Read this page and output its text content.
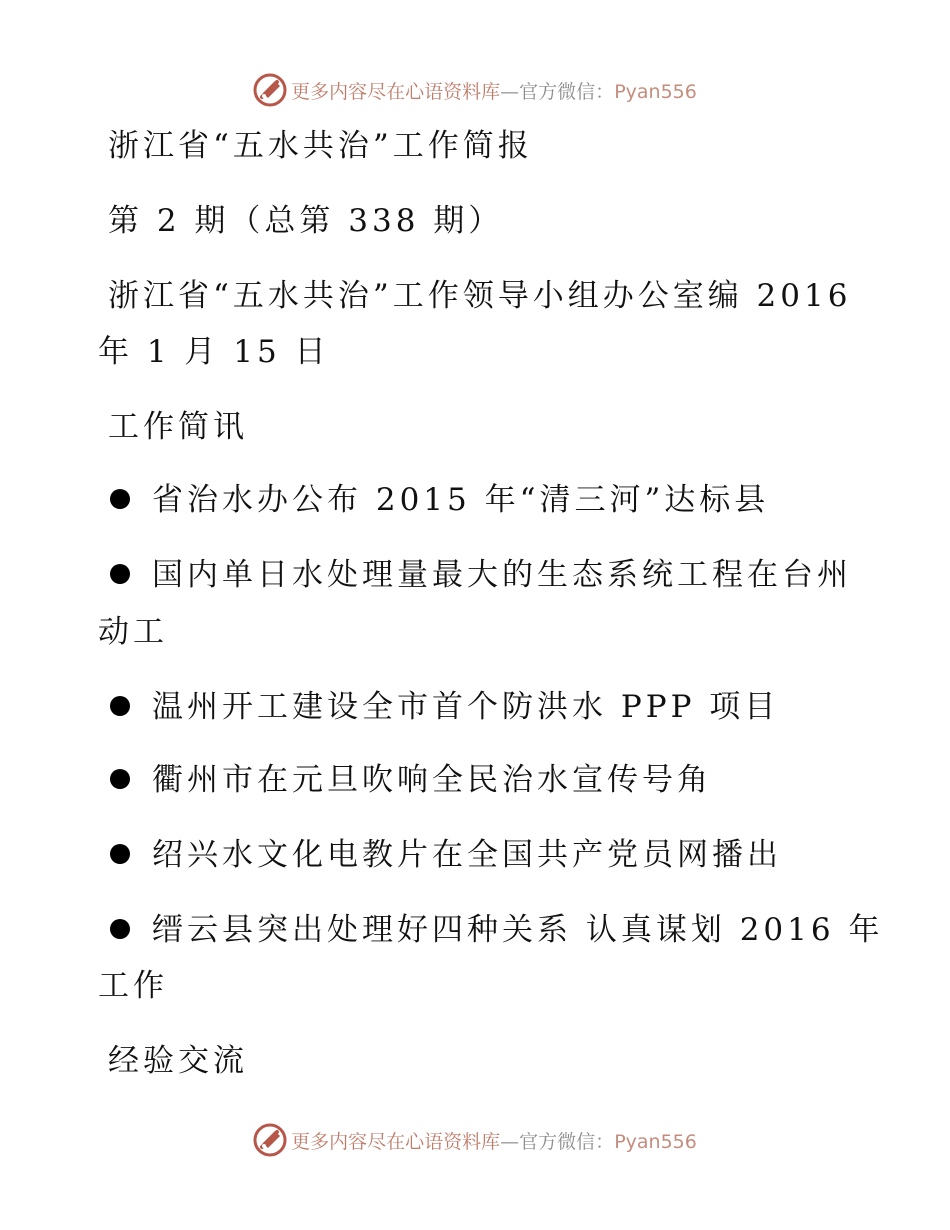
更多内容尽在心语资料库—官方微信：Pyan556
浙江省“五水共治”工作简报
第 2 期（总第 338 期）
浙江省“五水共治”工作领导小组办公室编 2016
年 1 月 15 日
工作简讯
省治水办公布 2015 年“清三河”达标县
国内单日水处理量最大的生态系统工程在台州
动工
温州开工建设全市首个防洪水 PPP 项目
衢州市在元旦吹响全民治水宣传号角
绍兴水文化电教片在全国共产党员网播出
缙云县突出处理好四种关系 认真谋划 2016 年
工作
经验交流
更多内容尽在心语资料库—官方微信：Pyan556
